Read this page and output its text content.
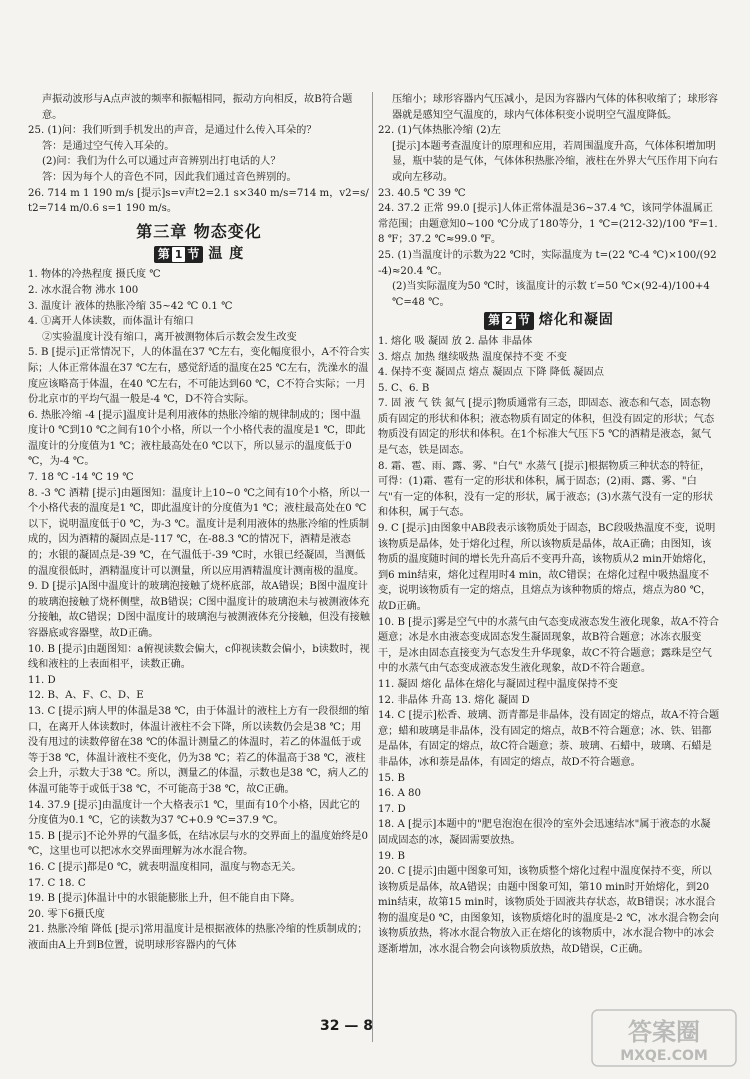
声振动波形与A点声波的频率和振幅相同，振动方向相反，故B符合题意。

25. (1)问：我们听到手机发出的声音，是通过什么传入耳朵的？

答：是通过空气传入耳朵的。

(2)问：我们为什么可以通过声音辨别出打电话的人？

答：因为每个人的音色不同，因此我们通过音色辨别的。

26. 714 m 1 190 m/s [提示]s=v声t2=2.1 s×340 m/s=714 m，v2=s/t2=714 m/0.6 s=1 190 m/s。

第三章 物态变化
第 1 节 温 度

1. 物体的冷热程度 摄氏度 ℃

2. 冰水混合物 沸水 100

3. 温度计 液体的热胀冷缩 35~42 ℃ 0.1 ℃

4. ①离开人体读数，而体温计有缩口

②实验温度计没有缩口，离开被测物体后示数会发生改变

5. B [提示]正常情况下，人的体温在37 ℃左右，变化幅度很小，A不符合实际；人体正常体温在37 ℃左右，感觉舒适的温度在25 ℃左右，洗澡水的温度应该略高于体温，在40 ℃左右，不可能达到60 ℃，C不符合实际；一月份北京市的平均气温一般是-4 ℃，D不符合实际。

6. 热胀冷缩 -4 [提示]温度计是利用液体的热胀冷缩的规律制成的；图中温度计0 ℃到10 ℃之间有10个小格，所以一个小格代表的温度是1 ℃，即此温度计的分度值为1 ℃；液柱最高处在0 ℃以下，所以显示的温度低于0 ℃，为-4 ℃。

7. 18 ℃ -14 ℃ 19 ℃

8. -3 ℃ 酒精 [提示]由题图知：温度计上10~0 ℃之间有10个小格，所以一个小格代表的温度是1 ℃，即此温度计的分度值为1 ℃；液柱最高处在0 ℃以下，说明温度低于0 ℃，为-3 ℃。温度计是利用液体的热胀冷缩的性质制成的，因为酒精的凝固点是-117 ℃，在-88.3 ℃的情况下，酒精是液态的；水银的凝固点是-39 ℃，在气温低于-39 ℃时，水银已经凝固，当测低的温度很低时，酒精温度计可以测量，所以应用酒精温度计测南极的温度。

9. D [提示]A图中温度计的玻璃泡接触了烧杯底部，故A错误；B图中温度计的玻璃泡接触了烧杯侧壁，故B错误；C图中温度计的玻璃泡未与被测液体充分接触，故C错误；D图中温度计的玻璃泡与被测液体充分接触，但没有接触容器底或容器壁，故D正确。

10. B [提示]由题图知：a俯视读数会偏大，c仰视读数会偏小，b读数时，视线和液柱的上表面相平，读数正确。

11. D

12. B、A、F、C、D、E

13. C [提示]病人甲的体温是38 ℃，由于体温计的液柱上方有一段很细的缩口，在离开人体读数时，体温计液柱不会下降，所以读数仍会是38 ℃；用没有甩过的读数停留在38 ℃的体温计测量乙的体温时，若乙的体温低于或等于38 ℃，体温计液柱不变化，仍为38 ℃；若乙的体温高于38 ℃，液柱会上升，示数大于38 ℃。所以，测量乙的体温，示数也是38 ℃，病人乙的体温可能等于或低于38 ℃，不可能高于38 ℃，故C正确。

14. 37.9 [提示]由温度计一个大格表示1 ℃，里面有10个小格，因此它的分度值为0.1 ℃，它的读数为37 ℃+0.9 ℃=37.9 ℃。

15. B [提示]不论外界的气温多低，在结冰层与水的交界面上的温度始终是0 ℃，这里也可以把冰水交界面理解为冰水混合物。

16. C [提示]都是0 ℃，就表明温度相同，温度与物态无关。

17. C 18. C

19. B [提示]体温计中的水银能膨胀上升，但不能自由下降。

20. 零下6摄氏度

21. 热胀冷缩 降低 [提示]常用温度计是根据液体的热胀冷缩的性质制成的；液面由A上升到B位置，说明球形容器内的气体

压缩小；球形容器内气压减小，是因为容器内气体的体积收缩了；球形容器就是感知空气温度的，球内气体体积变小说明空气温度降低。

22. (1)气体热胀冷缩 (2)左

[提示]本题考查温度计的原理和应用，若周围温度升高，气体体积增加明显，瓶中装的是气体，气体体积热胀冷缩，液柱在外界大气压作用下向右或向左移动。

23. 40.5 ℃ 39 ℃

24. 37.2 正常 99.0 [提示]人体正常体温是36~37.4 ℃，该同学体温属正常范围；由题意知0~100 ℃分成了180等分，1 ℃=(212-32)/100 ℉=1.8 ℉；37.2 ℃≈99.0 ℉。

25. (1)当温度计的示数为22 ℃时，实际温度为 t=(22 ℃-4 ℃)×100/(92-4)≈20.4 ℃。

(2)当实际温度为50 ℃时，该温度计的示数 t′=50 ℃×(92-4)/100+4 ℃=48 ℃。

第 2 节 熔化和凝固

1. 熔化 吸 凝固 放 2. 晶体 非晶体

3. 熔点 加热 继续吸热 温度保持不变 不变

4. 保持不变 凝固点 熔点 凝固点 下降 降低 凝固点

5. C、6. B

7. 固 液 气 铁 氮气 [提示]物质通常有三态，即固态、液态和气态，固态物质有固定的形状和体积；液态物质有固定的体积，但没有固定的形状；气态物质没有固定的形状和体积。在1个标准大气压下5 ℃的酒精是液态，氮气是气态，铁是固态。

8. 霜、雹、雨、露、雾、"白气" 水蒸气 [提示]根据物质三种状态的特征，可得：(1)霜、雹有一定的形状和体积，属于固态；(2)雨、露、雾、"白气"有一定的体积，没有一定的形状，属于液态；(3)水蒸气没有一定的形状和体积，属于气态。

9. C [提示]由图象中AB段表示该物质处于固态，BC段吸热温度不变，说明该物质是晶体，处于熔化过程，所以该物质是晶体，故A正确；由图知，该物质的温度随时间的增长先升高后不变再升高，该物质从2 min开始熔化，到6 min结束，熔化过程用时4 min，故C错误；在熔化过程中吸热温度不变，说明该物质有一定的熔点，且熔点为该种物质的熔点，熔点为80 ℃，故D正确。

10. B [提示]雾是空气中的水蒸气由气态变成液态发生液化现象，故A不符合题意；冰是水由液态变成固态发生凝固现象，故B符合题意；冰冻衣服变干，是冰由固态直接变为气态发生升华现象，故C不符合题意；露珠是空气中的水蒸气由气态变成液态发生液化现象，故D不符合题意。

11. 凝固 熔化 晶体在熔化与凝固过程中温度保持不变

12. 非晶体 升高 13. 熔化 凝固 D

14. C [提示]松香、玻璃、沥青都是非晶体，没有固定的熔点，故A不符合题意；蜡和玻璃是非晶体，没有固定的熔点，故B不符合题意；冰、铁、铝都是晶体，有固定的熔点，故C符合题意；萘、玻璃、石蜡中，玻璃、石蜡是非晶体，冰和萘是晶体，有固定的熔点，故D不符合题意。

15. B

16. A 80

17. D

18. A [提示]本题中的"肥皂泡泡在很冷的室外会迅速结冰"属于液态的水凝固成固态的冰，凝固需要放热。

19. B

20. C [提示]由题中图象可知，该物质整个熔化过程中温度保持不变，所以该物质是晶体，故A错误；由题中图象可知，第10 min时开始熔化，到20 min结束，故第15 min时，该物质处于固液共存状态，故B错误；冰水混合物的温度是0 ℃，由图象知，该物质熔化时的温度是-2 ℃，冰水混合物会向该物质放热，将冰水混合物放入正在熔化的该物质中，冰水混合物中的冰会逐渐增加，冰水混合物会向该物质放热，故D错误，C正确。

32 — 8	答案圈
MXQE.COM
